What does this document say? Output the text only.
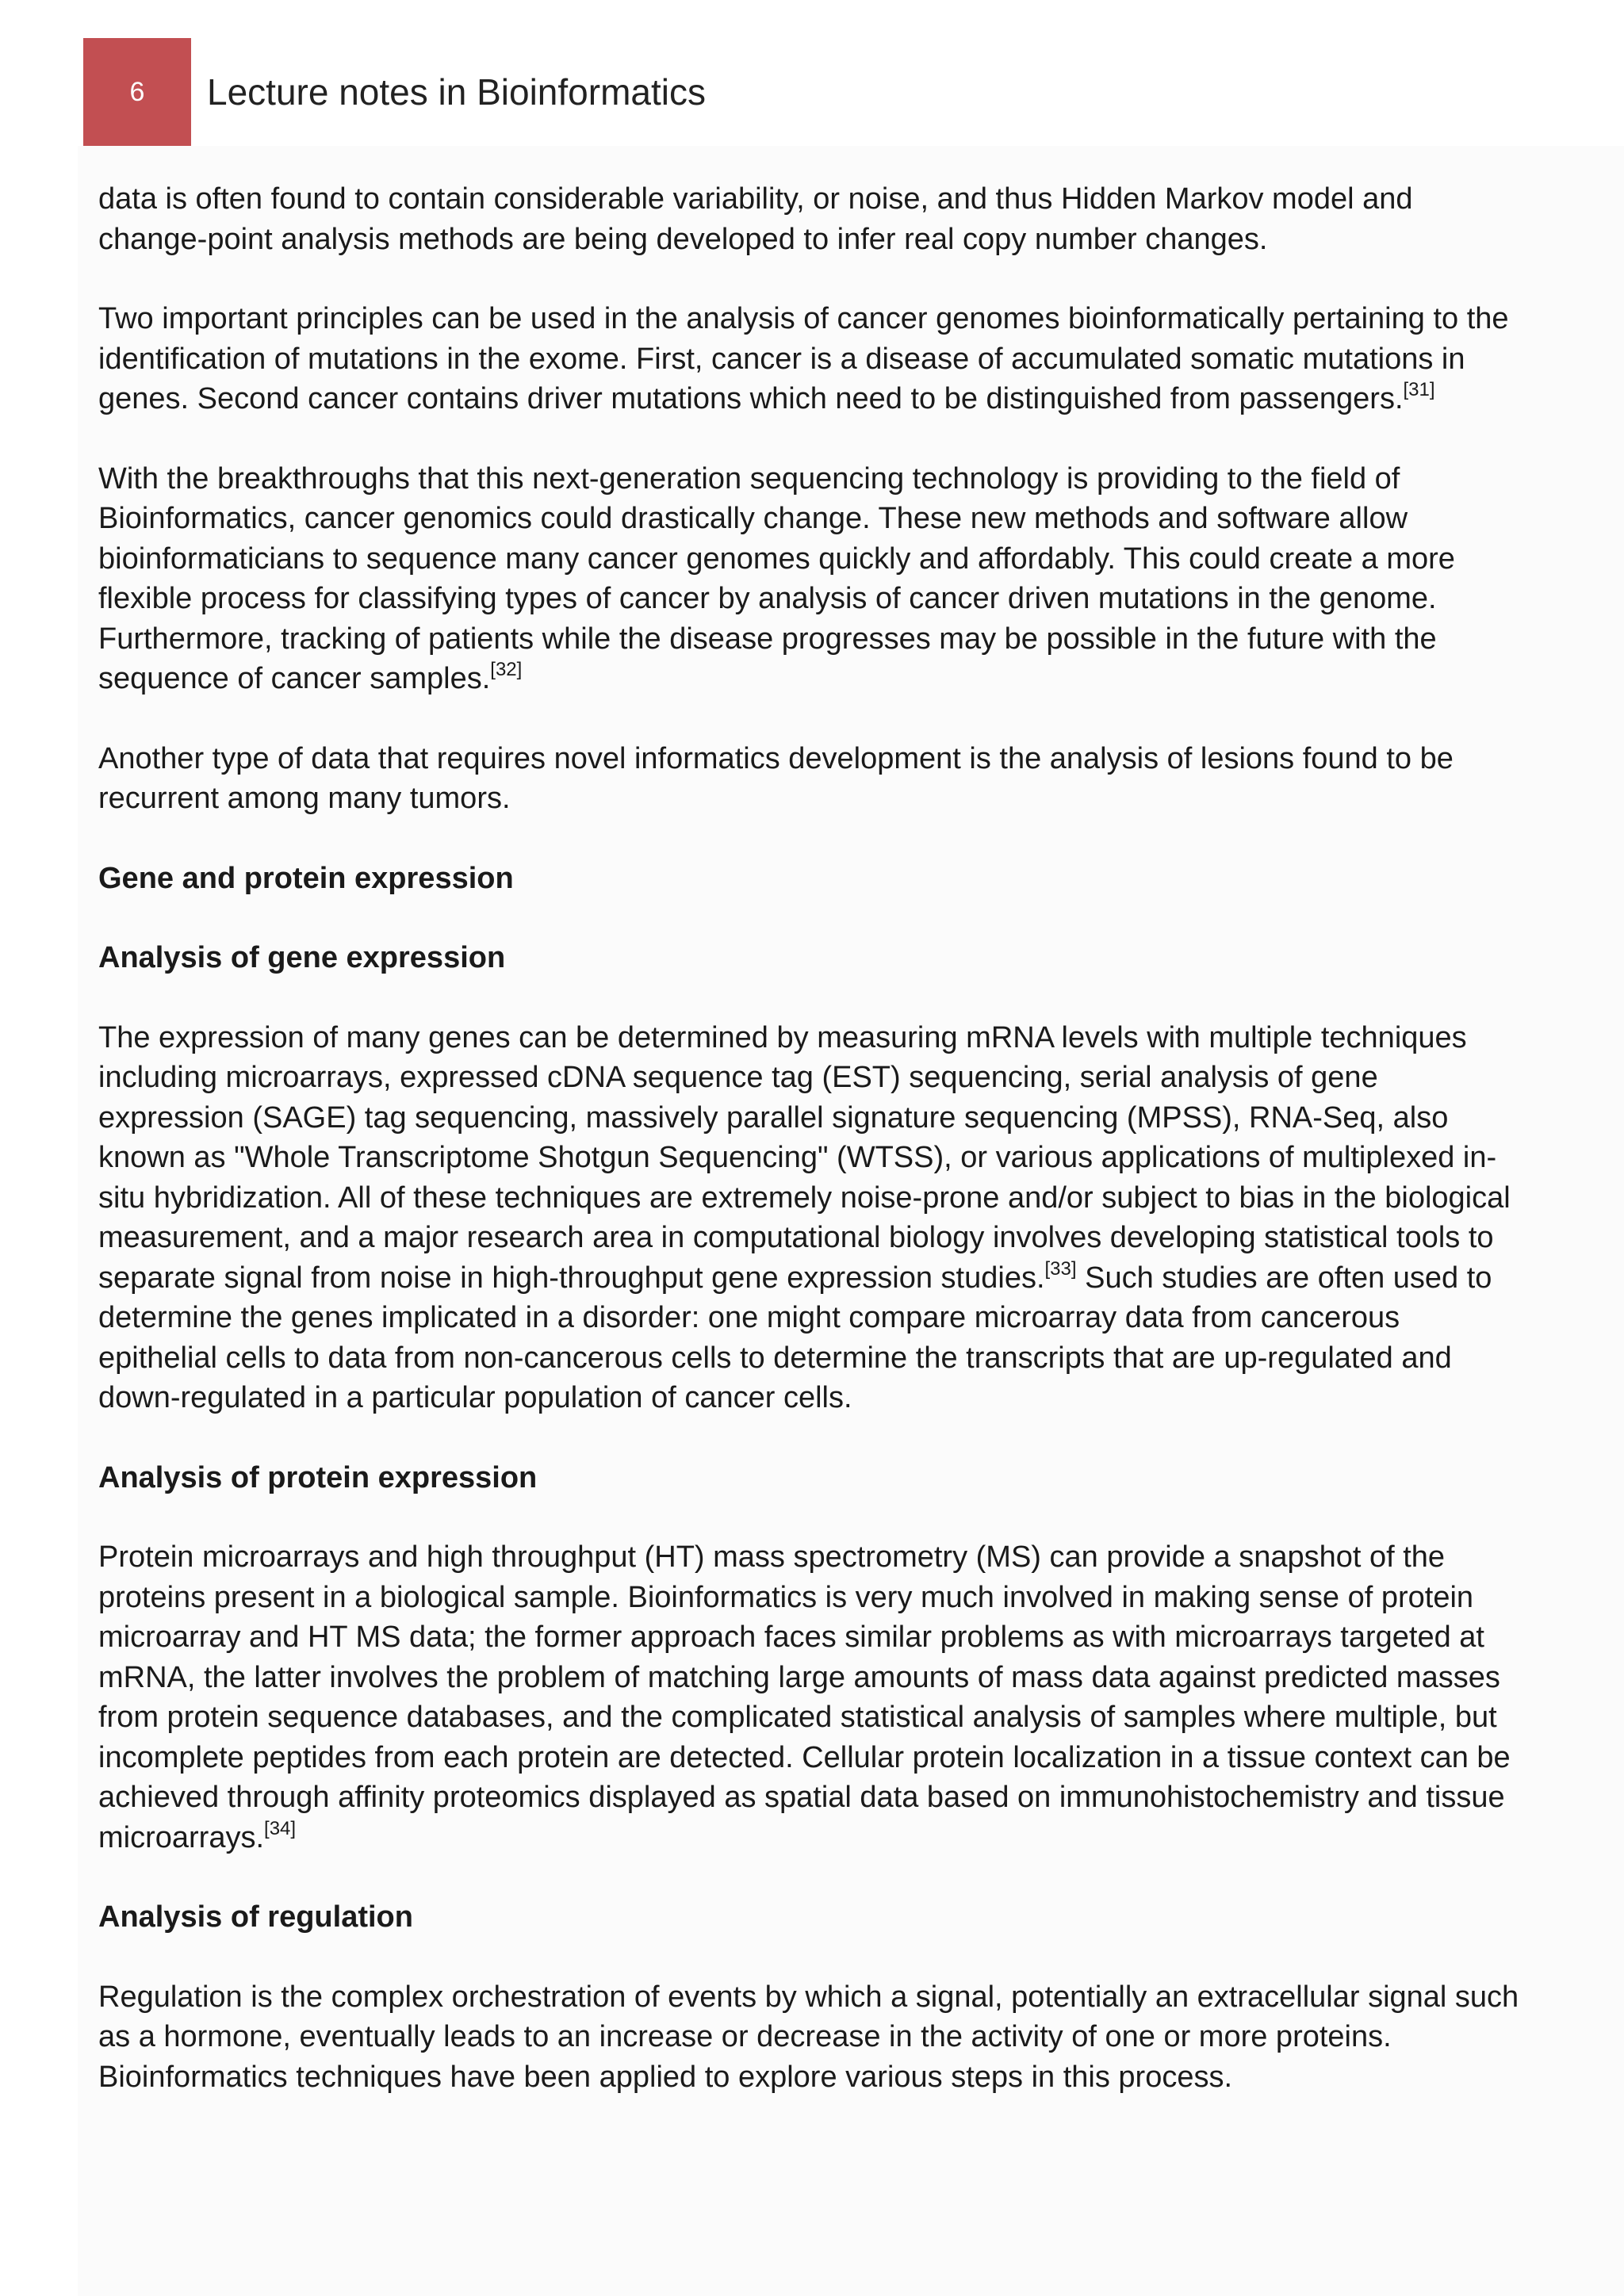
6 Lecture notes in Bioinformatics

data is often found to contain considerable variability, or noise, and thus Hidden Markov model and change-point analysis methods are being developed to infer real copy number changes.

Two important principles can be used in the analysis of cancer genomes bioinformatically pertaining to the identification of mutations in the exome. First, cancer is a disease of accumulated somatic mutations in genes. Second cancer contains driver mutations which need to be distinguished from passengers.[31]

With the breakthroughs that this next-generation sequencing technology is providing to the field of Bioinformatics, cancer genomics could drastically change. These new methods and software allow bioinformaticians to sequence many cancer genomes quickly and affordably. This could create a more flexible process for classifying types of cancer by analysis of cancer driven mutations in the genome. Furthermore, tracking of patients while the disease progresses may be possible in the future with the sequence of cancer samples.[32]

Another type of data that requires novel informatics development is the analysis of lesions found to be recurrent among many tumors.

Gene and protein expression
Analysis of gene expression

The expression of many genes can be determined by measuring mRNA levels with multiple techniques including microarrays, expressed cDNA sequence tag (EST) sequencing, serial analysis of gene expression (SAGE) tag sequencing, massively parallel signature sequencing (MPSS), RNA-Seq, also known as "Whole Transcriptome Shotgun Sequencing" (WTSS), or various applications of multiplexed in-situ hybridization. All of these techniques are extremely noise-prone and/or subject to bias in the biological measurement, and a major research area in computational biology involves developing statistical tools to separate signal from noise in high-throughput gene expression studies.[33] Such studies are often used to determine the genes implicated in a disorder: one might compare microarray data from cancerous epithelial cells to data from non-cancerous cells to determine the transcripts that are up-regulated and down-regulated in a particular population of cancer cells.

Analysis of protein expression

Protein microarrays and high throughput (HT) mass spectrometry (MS) can provide a snapshot of the proteins present in a biological sample. Bioinformatics is very much involved in making sense of protein microarray and HT MS data; the former approach faces similar problems as with microarrays targeted at mRNA, the latter involves the problem of matching large amounts of mass data against predicted masses from protein sequence databases, and the complicated statistical analysis of samples where multiple, but incomplete peptides from each protein are detected. Cellular protein localization in a tissue context can be achieved through affinity proteomics displayed as spatial data based on immunohistochemistry and tissue microarrays.[34]

Analysis of regulation

Regulation is the complex orchestration of events by which a signal, potentially an extracellular signal such as a hormone, eventually leads to an increase or decrease in the activity of one or more proteins. Bioinformatics techniques have been applied to explore various steps in this process.
